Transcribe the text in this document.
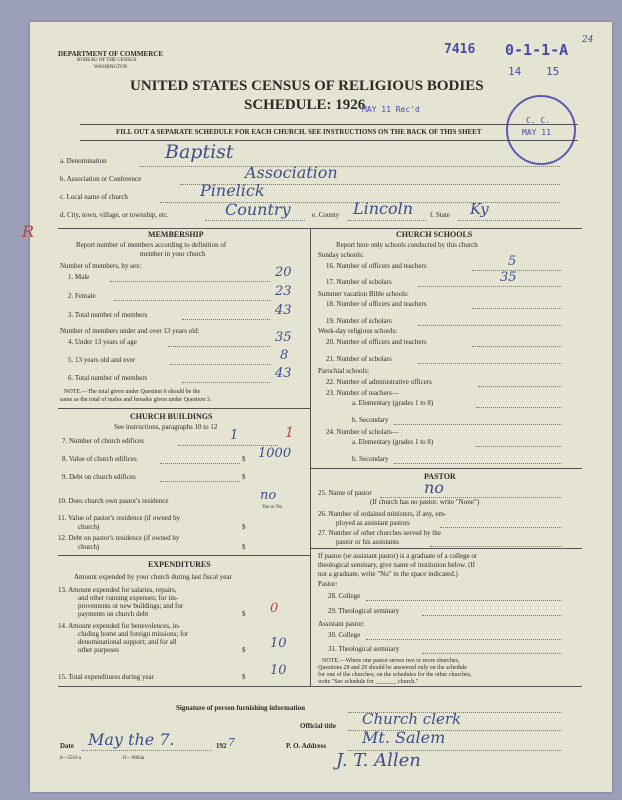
DEPARTMENT OF COMMERCE
BUREAU OF THE CENSUS
WASHINGTON
7416 0-1-1-A
14 15
24
UNITED STATES CENSUS OF RELIGIOUS BODIES
SCHEDULE: 1926
MAY 11 Rec'd
C. C.
MAY 11
FILL OUT A SEPARATE SCHEDULE FOR EACH CHURCH. SEE INSTRUCTIONS ON THE BACK OF THIS SHEET
a. Denomination	Baptist
b. Association or Conference	Association
c. Local name of church	Pinelick
d. City, town, village, or township, etc.	Country	e. County Lincoln f. State Ky
MEMBERSHIP
R
Report number of members according to definition of
member in your church
Number of members, by sex:
1. Male	20
2. Female	23
3. Total number of members	43
Number of members under and over 13 years old:
4. Under 13 years of age	35
5. 13 years old and over	8
6. Total number of members	43
NOTE.—The total given under Question 6 should be the
same as the total of males and females given under Question 3.
CHURCH BUILDINGS
See instructions, paragraphs 10 to 12
7. Number of church edifices	1	1
8. Value of church edifices	$ 1000
9. Debt on church edifices	$
10. Does church own pastor's residence	no
Yes or No
11. Value of pastor's residence (if owned by
church)	$
12. Debt on pastor's residence (if owned by
church)	$
EXPENDITURES
Amount expended by your church during last fiscal year
13. Amount expended for salaries, repairs,
and other running expenses; for im-
provements or new buildings; and for
payments on church debt	$ 0
14. Amount expended for benevolences, in-
cluding home and foreign missions; for
denominational support; and for all
other purposes	$ 10
15. Total expenditures during year	$ 10
CHURCH SCHOOLS
Report here only schools conducted by this church
Sunday schools:
16. Number of officers and teachers	5
17. Number of scholars	35
Summer vacation Bible schools:
18. Number of officers and teachers
19. Number of scholars
Week-day religious schools:
20. Number of officers and teachers
21. Number of scholars
Parochial schools:
22. Number of administrative officers
23. Number of teachers—
a. Elementary (grades 1 to 8)
b. Secondary
24. Number of scholars—
a. Elementary (grades 1 to 8)
b. Secondary
PASTOR
25. Name of pastor	no
(If church has no pastor, write "None")
26. Number of ordained ministers, if any, em-
ployed as assistant pastors
27. Number of other churches served by the
pastor or his assistants
If pastor (or assistant pastor) is a graduate of a college or
theological seminary, give name of institution below. (If
not a graduate, write "No" in the space indicated.)
Pastor:
28. College
29. Theological seminary
Assistant pastor:
30. College
31. Theological seminary
NOTE.—Where one pastor serves two or more churches,
Questions 28 and 29 should be answered only on the schedule
for one of the churches; on the schedules for the other churches,
write "See schedule for _______ church."
Signature of person furnishing information
Official title Church clerk
Date May the 7.	192 7	P. O. Address Mt. Salem
J. T. Allen
8—5516 a	11—9064a
